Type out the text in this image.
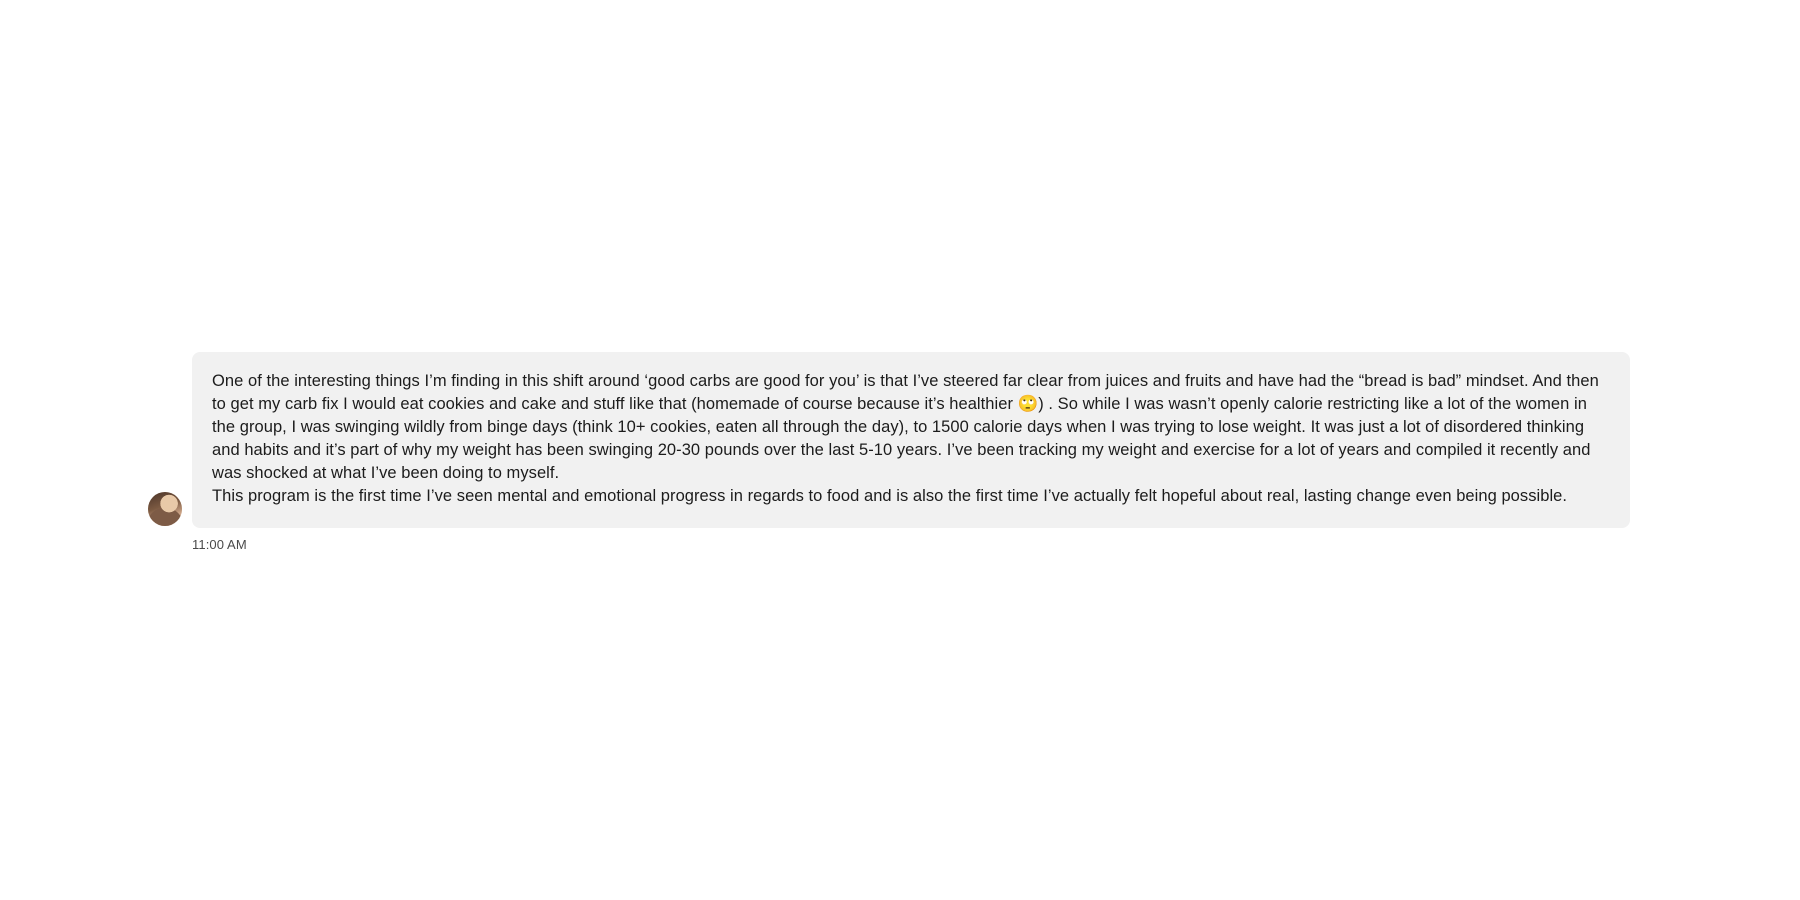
One of the interesting things I’m finding in this shift around ‘good carbs are good for you’ is that I’ve steered far clear from juices and fruits and have had the “bread is bad” mindset. And then to get my carb fix I would eat cookies and cake and stuff like that (homemade of course because it’s healthier 🙄) . So while I was wasn’t openly calorie restricting like a lot of the women in the group, I was swinging wildly from binge days (think 10+ cookies, eaten all through the day), to 1500 calorie days when I was trying to lose weight. It was just a lot of disordered thinking and habits and it’s part of why my weight has been swinging 20-30 pounds over the last 5-10 years. I’ve been tracking my weight and exercise for a lot of years and compiled it recently and was shocked at what I’ve been doing to myself.

This program is the first time I’ve seen mental and emotional progress in regards to food and is also the first time I’ve actually felt hopeful about real, lasting change even being possible.

11:00 AM
